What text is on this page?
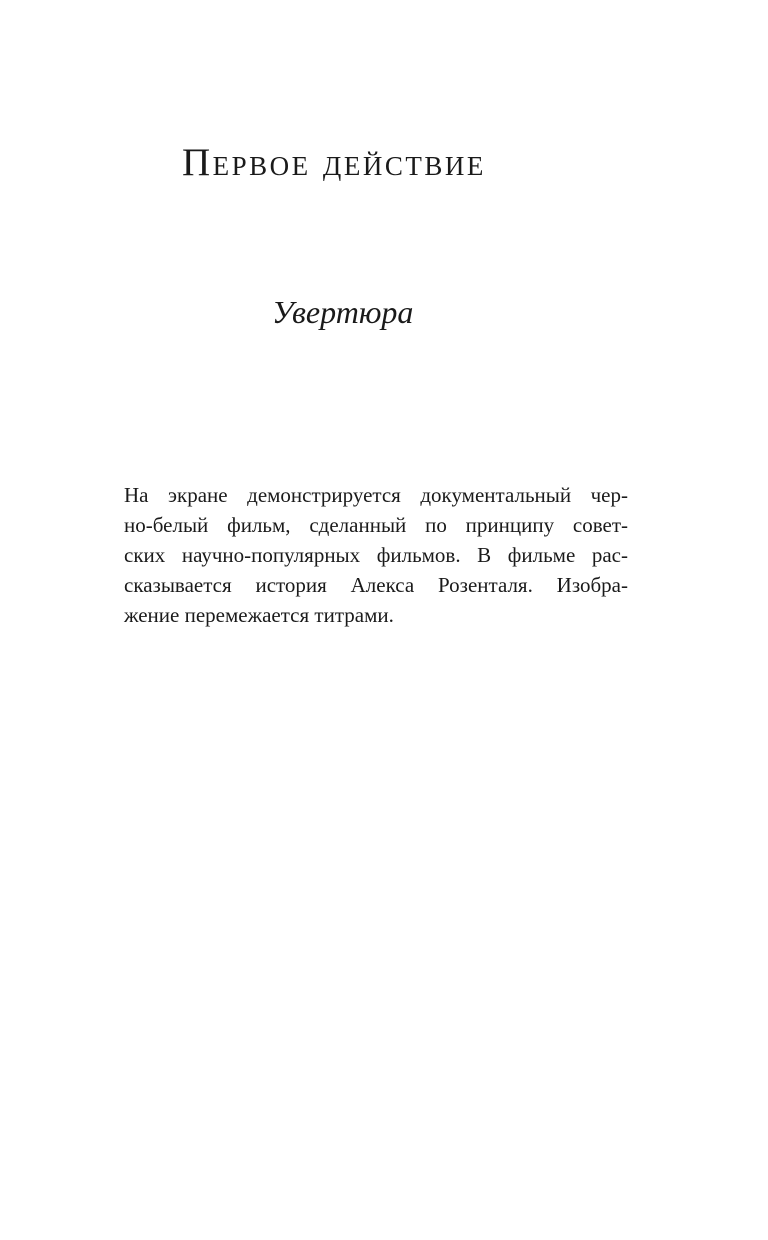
Первое действие
Увертюра

На экране демонстрируется документальный чер-
но-белый фильм, сделанный по принципу совет-
ских научно-популярных фильмов. В фильме рас-
сказывается история Алекса Розенталя. Изобра-
жение перемежается титрами.
